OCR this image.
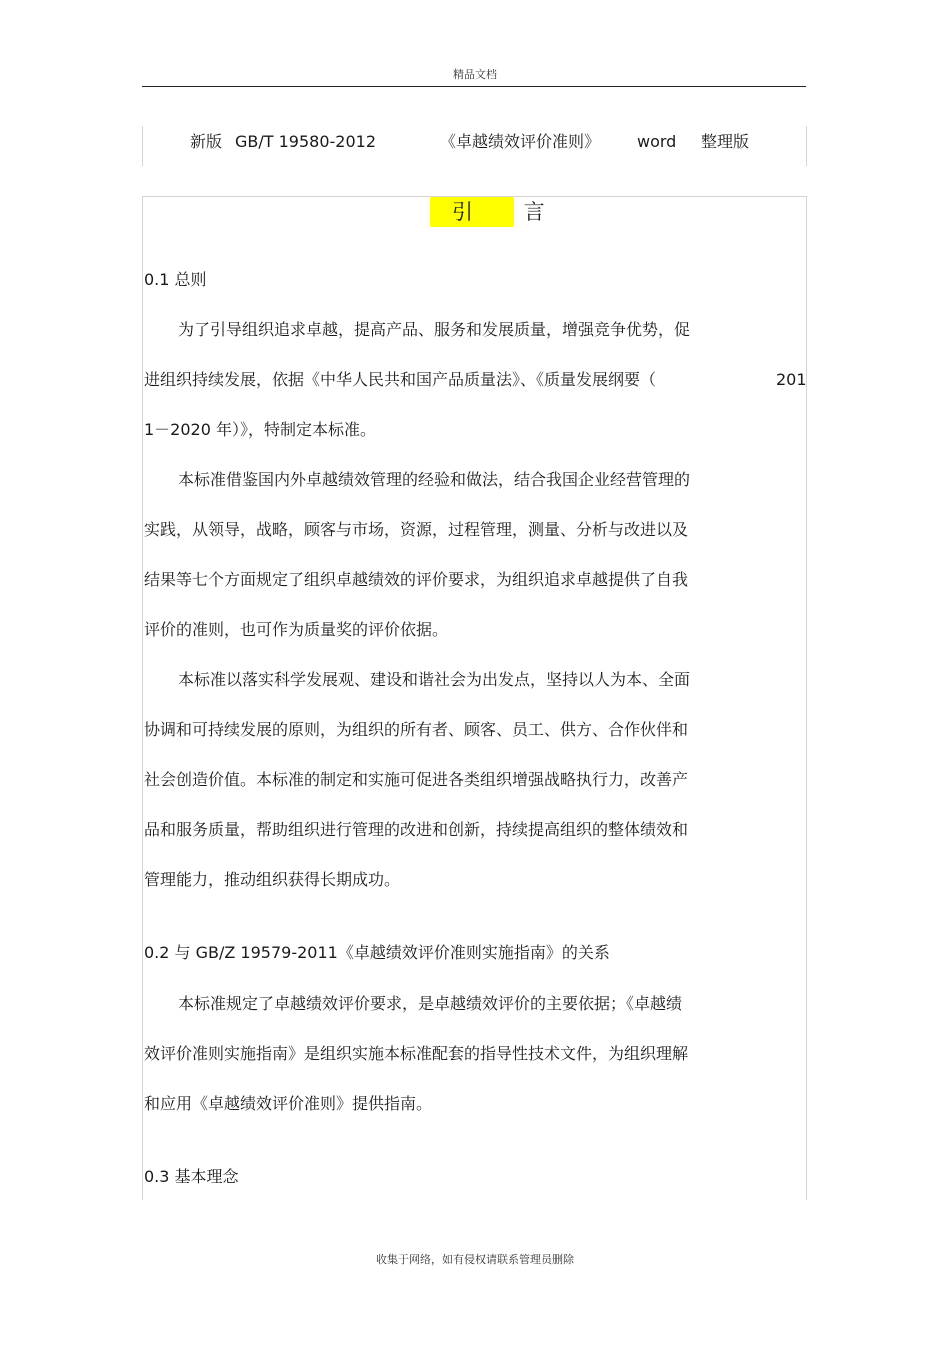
精品文档
新版 GB/T 19580-2012	《卓越绩效评价准则》 word 整理版
引 言
0.1 总则
为了引导组织追求卓越，提高产品、服务和发展质量，增强竞争优势，促
进组织持续发展，依据《中华人民共和国产品质量法》、《质量发展纲要（	201
1－2020 年）》，特制定本标准。
本标准借鉴国内外卓越绩效管理的经验和做法，结合我国企业经营管理的
实践，从领导，战略，顾客与市场，资源，过程管理，测量、分析与改进以及
结果等七个方面规定了组织卓越绩效的评价要求，为组织追求卓越提供了自我
评价的准则，也可作为质量奖的评价依据。
本标准以落实科学发展观、建设和谐社会为出发点，坚持以人为本、全面
协调和可持续发展的原则，为组织的所有者、顾客、员工、供方、合作伙伴和
社会创造价值。本标准的制定和实施可促进各类组织增强战略执行力，改善产
品和服务质量，帮助组织进行管理的改进和创新，持续提高组织的整体绩效和
管理能力，推动组织获得长期成功。
0.2 与 GB/Z 19579-2011《卓越绩效评价准则实施指南》的关系
本标准规定了卓越绩效评价要求，是卓越绩效评价的主要依据；《卓越绩
效评价准则实施指南》是组织实施本标准配套的指导性技术文件，为组织理解
和应用《卓越绩效评价准则》提供指南。
0.3 基本理念
收集于网络，如有侵权请联系管理员删除
